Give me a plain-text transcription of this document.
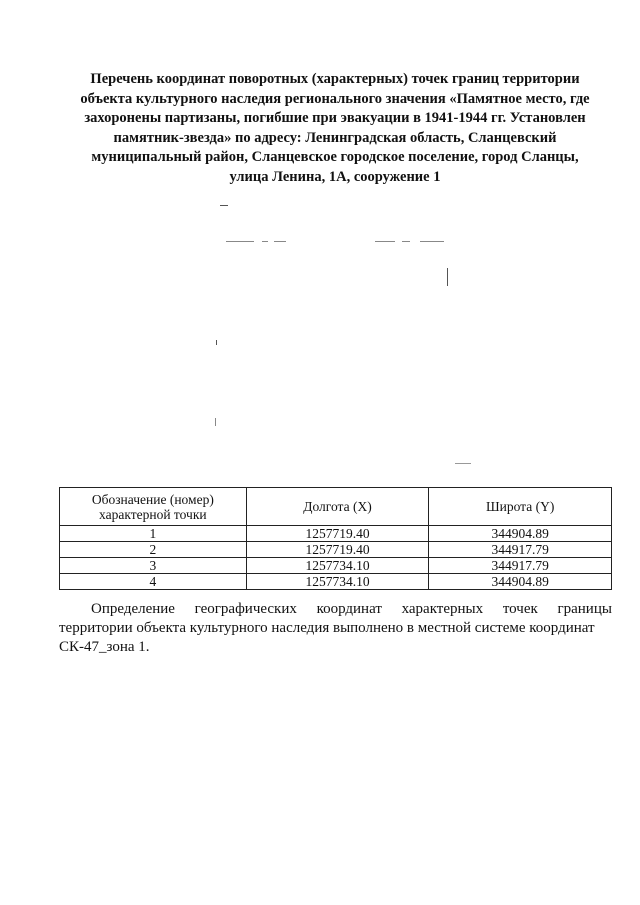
Перечень координат поворотных (характерных) точек границ территории
объекта культурного наследия регионального значения «Памятное место, где
захоронены партизаны, погибшие при эвакуации в 1941-1944 гг. Установлен
памятник-звезда» по адресу: Ленинградская область, Сланцевский
муниципальный район, Сланцевское городское поселение, город Сланцы,
улица Ленина, 1А, сооружение 1
Обозначение (номер) характерной точки	Долгота (X)	Широта (Y)
1	1257719.40	344904.89
2	1257719.40	344917.79
3	1257734.10	344917.79
4	1257734.10	344904.89
Определение географических координат характерных точек границы
территории объекта культурного наследия выполнено в местной системе координат
СК-47_зона 1.
